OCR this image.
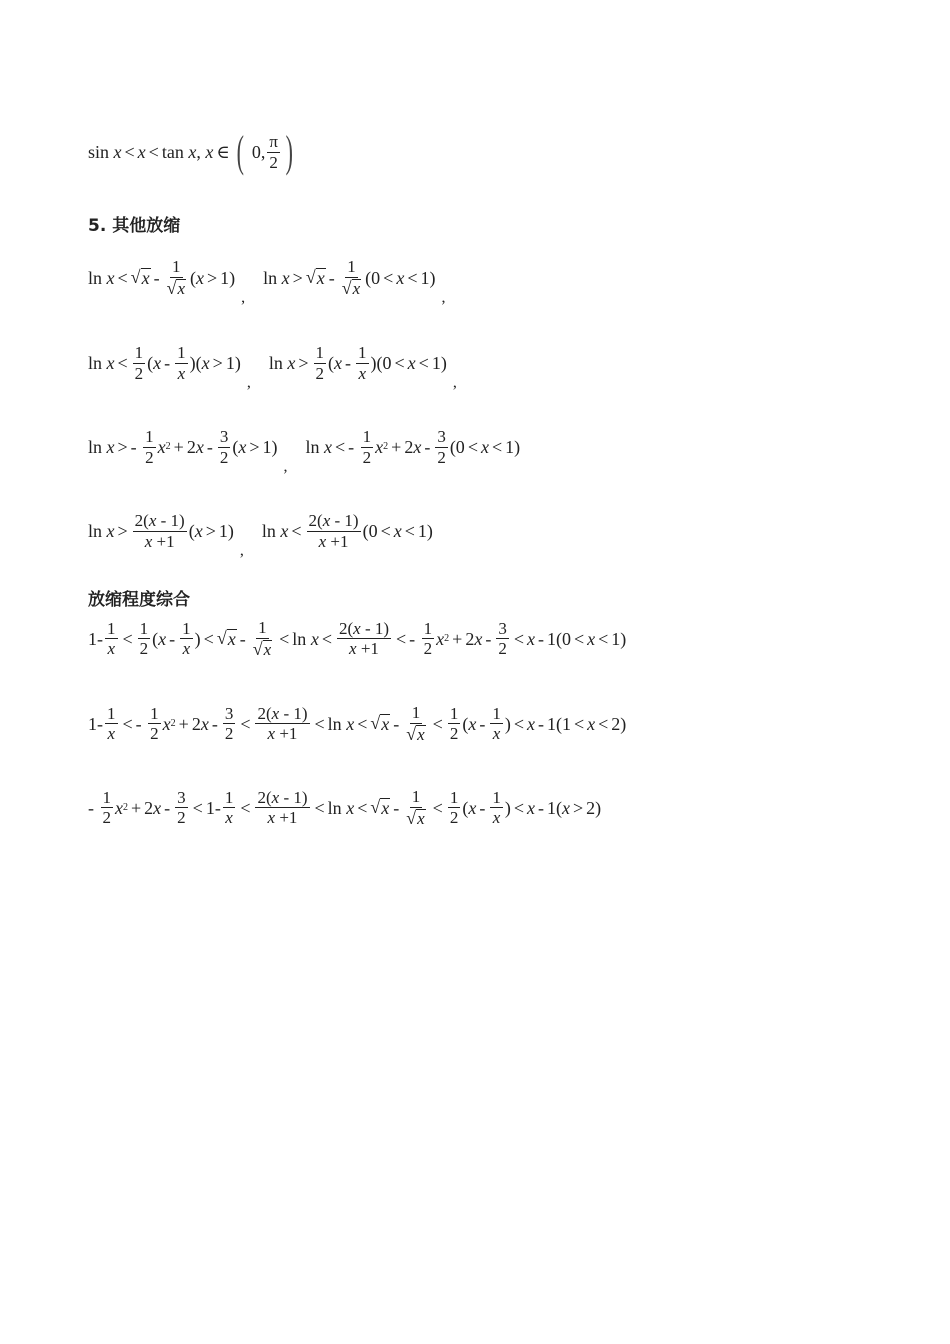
sin x < x < tan x , x ∈ ( 0, $\frac{\pi}{2}$ )
5. 其他放缩
ln x < √ x - $\frac{1}{√ x}$ ( x > 1)
,
ln x > √ $x - \frac{1}{√ x} (0 < x < 1)$
,
$\ln x < \frac{1}{2}$ ( x - $\frac{1}{x}$ )( x > 1)
,
$\ln x > \frac{1}{2}$ ( $x - \frac{1}{x} )(0 < x < 1)$
,
ln x > - $\frac{1}{2}$ x 2 + 2 x - $\frac{3}{2}$ ( x > 1)
,
ln x < - $\frac{1}{2}$ x 2 + 2 $x - \frac{3}{2} (0 < x < 1)$
$\ln x > \frac{2(x - 1)}{x +1}$ ( x > 1)
,
$\ln x < \frac{2(x - 1)}{x +1} (0 < x < 1)$
放缩程度综合
$1- \frac{1}{x} < \frac{1}{2}$ ( x - $\frac{1}{x}$ ) < √ $x - \frac{1}{√ x} < \ln x < \frac{2(x - 1)}{x +1}$ < - $\frac{1}{2}$ x 2 + 2 $x - \frac{3}{2} < x - 1(0 < x < 1)$
$1- \frac{1}{x}$ < - $\frac{1}{2}$ x 2 + 2 $x - \frac{3}{2} < \frac{2(x - 1)}{x +1} < \ln x$ < √ $x - \frac{1}{√ x} < \frac{1}{2}$ ( x - $\frac{1}{x}$ ) < x - 1(1 < x < 2)
- $\frac{1}{2}$ x 2 + 2 $x - \frac{3}{2} < 1- \frac{1}{x} < \frac{2(x - 1)}{x +1} < \ln x$ < √ $x - \frac{1}{√ x} < \frac{1}{2}$ ( x - $\frac{1}{x}$ ) < x - 1( x > 2)
